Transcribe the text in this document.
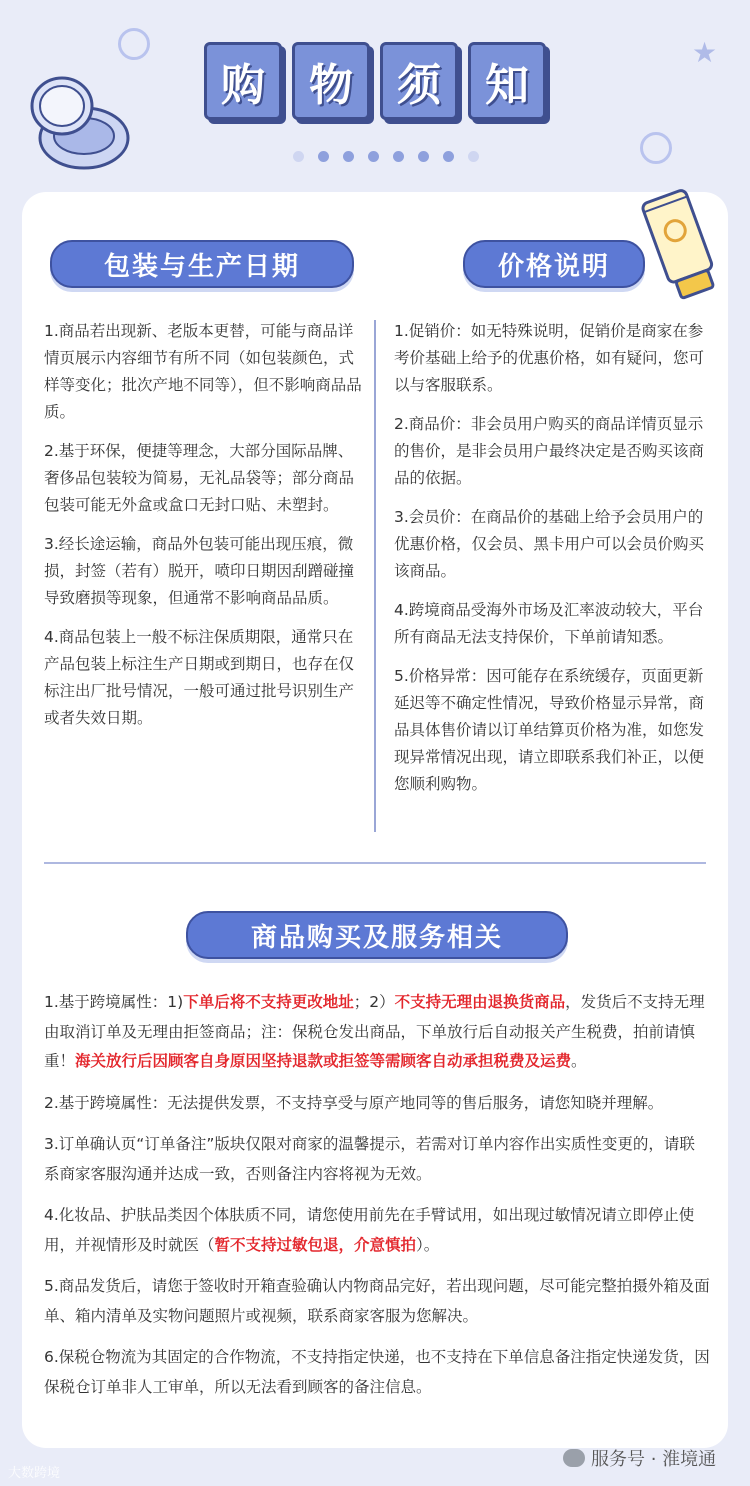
★
购	物	须	知
包装与生产日期	价格说明

1.商品若出现新、老版本更替，可能与商品详情页展示内容细节有所不同（如包装颜色，式样等变化；批次产地不同等），但不影响商品品质。

2.基于环保，便捷等理念，大部分国际品牌、奢侈品包装较为简易，无礼品袋等；部分商品包装可能无外盒或盒口无封口贴、未塑封。

3.经长途运输，商品外包装可能出现压痕，微损，封签（若有）脱开，喷印日期因刮蹭碰撞导致磨损等现象，但通常不影响商品品质。

4.商品包装上一般不标注保质期限，通常只在产品包装上标注生产日期或到期日，也存在仅标注出厂批号情况，一般可通过批号识别生产或者失效日期。

1.促销价：如无特殊说明，促销价是商家在参考价基础上给予的优惠价格，如有疑问，您可以与客服联系。

2.商品价：非会员用户购买的商品详情页显示的售价，是非会员用户最终决定是否购买该商品的依据。

3.会员价：在商品价的基础上给予会员用户的优惠价格，仅会员、黑卡用户可以会员价购买该商品。

4.跨境商品受海外市场及汇率波动较大，平台所有商品无法支持保价，下单前请知悉。

5.价格异常：因可能存在系统缓存，页面更新延迟等不确定性情况，导致价格显示异常，商品具体售价请以订单结算页价格为准，如您发现异常情况出现，请立即联系我们补正，以便您顺利购物。

商品购买及服务相关

1.基于跨境属性：1)下单后将不支持更改地址；2）不支持无理由退换货商品，发货后不支持无理由取消订单及无理由拒签商品；注：保税仓发出商品，下单放行后自动报关产生税费，拍前请慎重！海关放行后因顾客自身原因坚持退款或拒签等需顾客自动承担税费及运费。

2.基于跨境属性：无法提供发票，不支持享受与原产地同等的售后服务，请您知晓并理解。

3.订单确认页“订单备注”版块仅限对商家的温馨提示，若需对订单内容作出实质性变更的，请联系商家客服沟通并达成一致，否则备注内容将视为无效。

4.化妆品、护肤品类因个体肤质不同，请您使用前先在手臂试用，如出现过敏情况请立即停止使用，并视情形及时就医（暂不支持过敏包退，介意慎拍）。

5.商品发货后，请您于签收时开箱查验确认内物商品完好，若出现问题，尽可能完整拍摄外箱及面单、箱内清单及实物问题照片或视频，联系商家客服为您解决。

6.保税仓物流为其固定的合作物流，不支持指定快递，也不支持在下单信息备注指定快递发货，因保税仓订单非人工审单，所以无法看到顾客的备注信息。

大数跨境
服务号 · 淮境通
